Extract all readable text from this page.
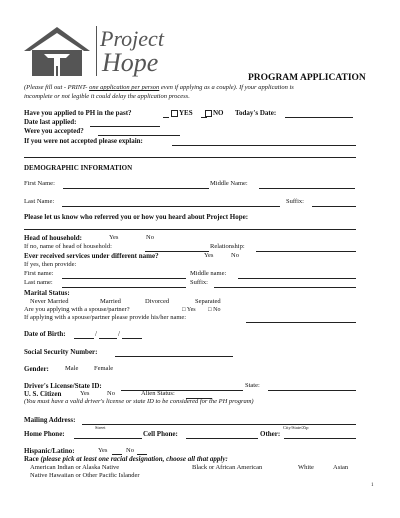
Project
Hope
PROGRAM APPLICATION
(Please fill out - PRINT- one application per person even if applying as a couple). If your application is
incomplete or not legible it could delay the application process.
Have you applied to PH in the past?	YES	NO Today's Date:
Date last applied:
Were you accepted?
If you were not accepted please explain:
DEMOGRAPHIC INFORMATION
First Name:	Middle Name:
Last Name:	Suffix:
Please let us know who referred you or how you heard about Project Hope:
Head of household:	Yes	No
If no, name of head of household:	Relationship:
Ever received services under different name?	Yes	No
If yes, then provide:
First name:	Middle name:
Last name:	Suffix:
Marital Status:
Never Married	Married	Divorced	Separated
Are you applying with a spouse/partner?	□ Yes □ No
If applying with a spouse/partner please provide his/her name:
Date of Birth:	/	/
Social Security Number:
Gender: Male Female
Driver's License/State ID:	State:
U. S. Citizen	Yes	No	Alien Status:
(You must have a valid driver's license or state ID to be considered for the PH program)
Mailing Address:
Street	City/State/Zip
Home Phone:	Cell Phone:	Other:
Hispanic/Latino:	Yes	No
Race (please pick at least one racial designation, choose all that apply:
American Indian or Alaska Native	Black or African American	White	Asian
Native Hawaiian or Other Pacific Islander
1
